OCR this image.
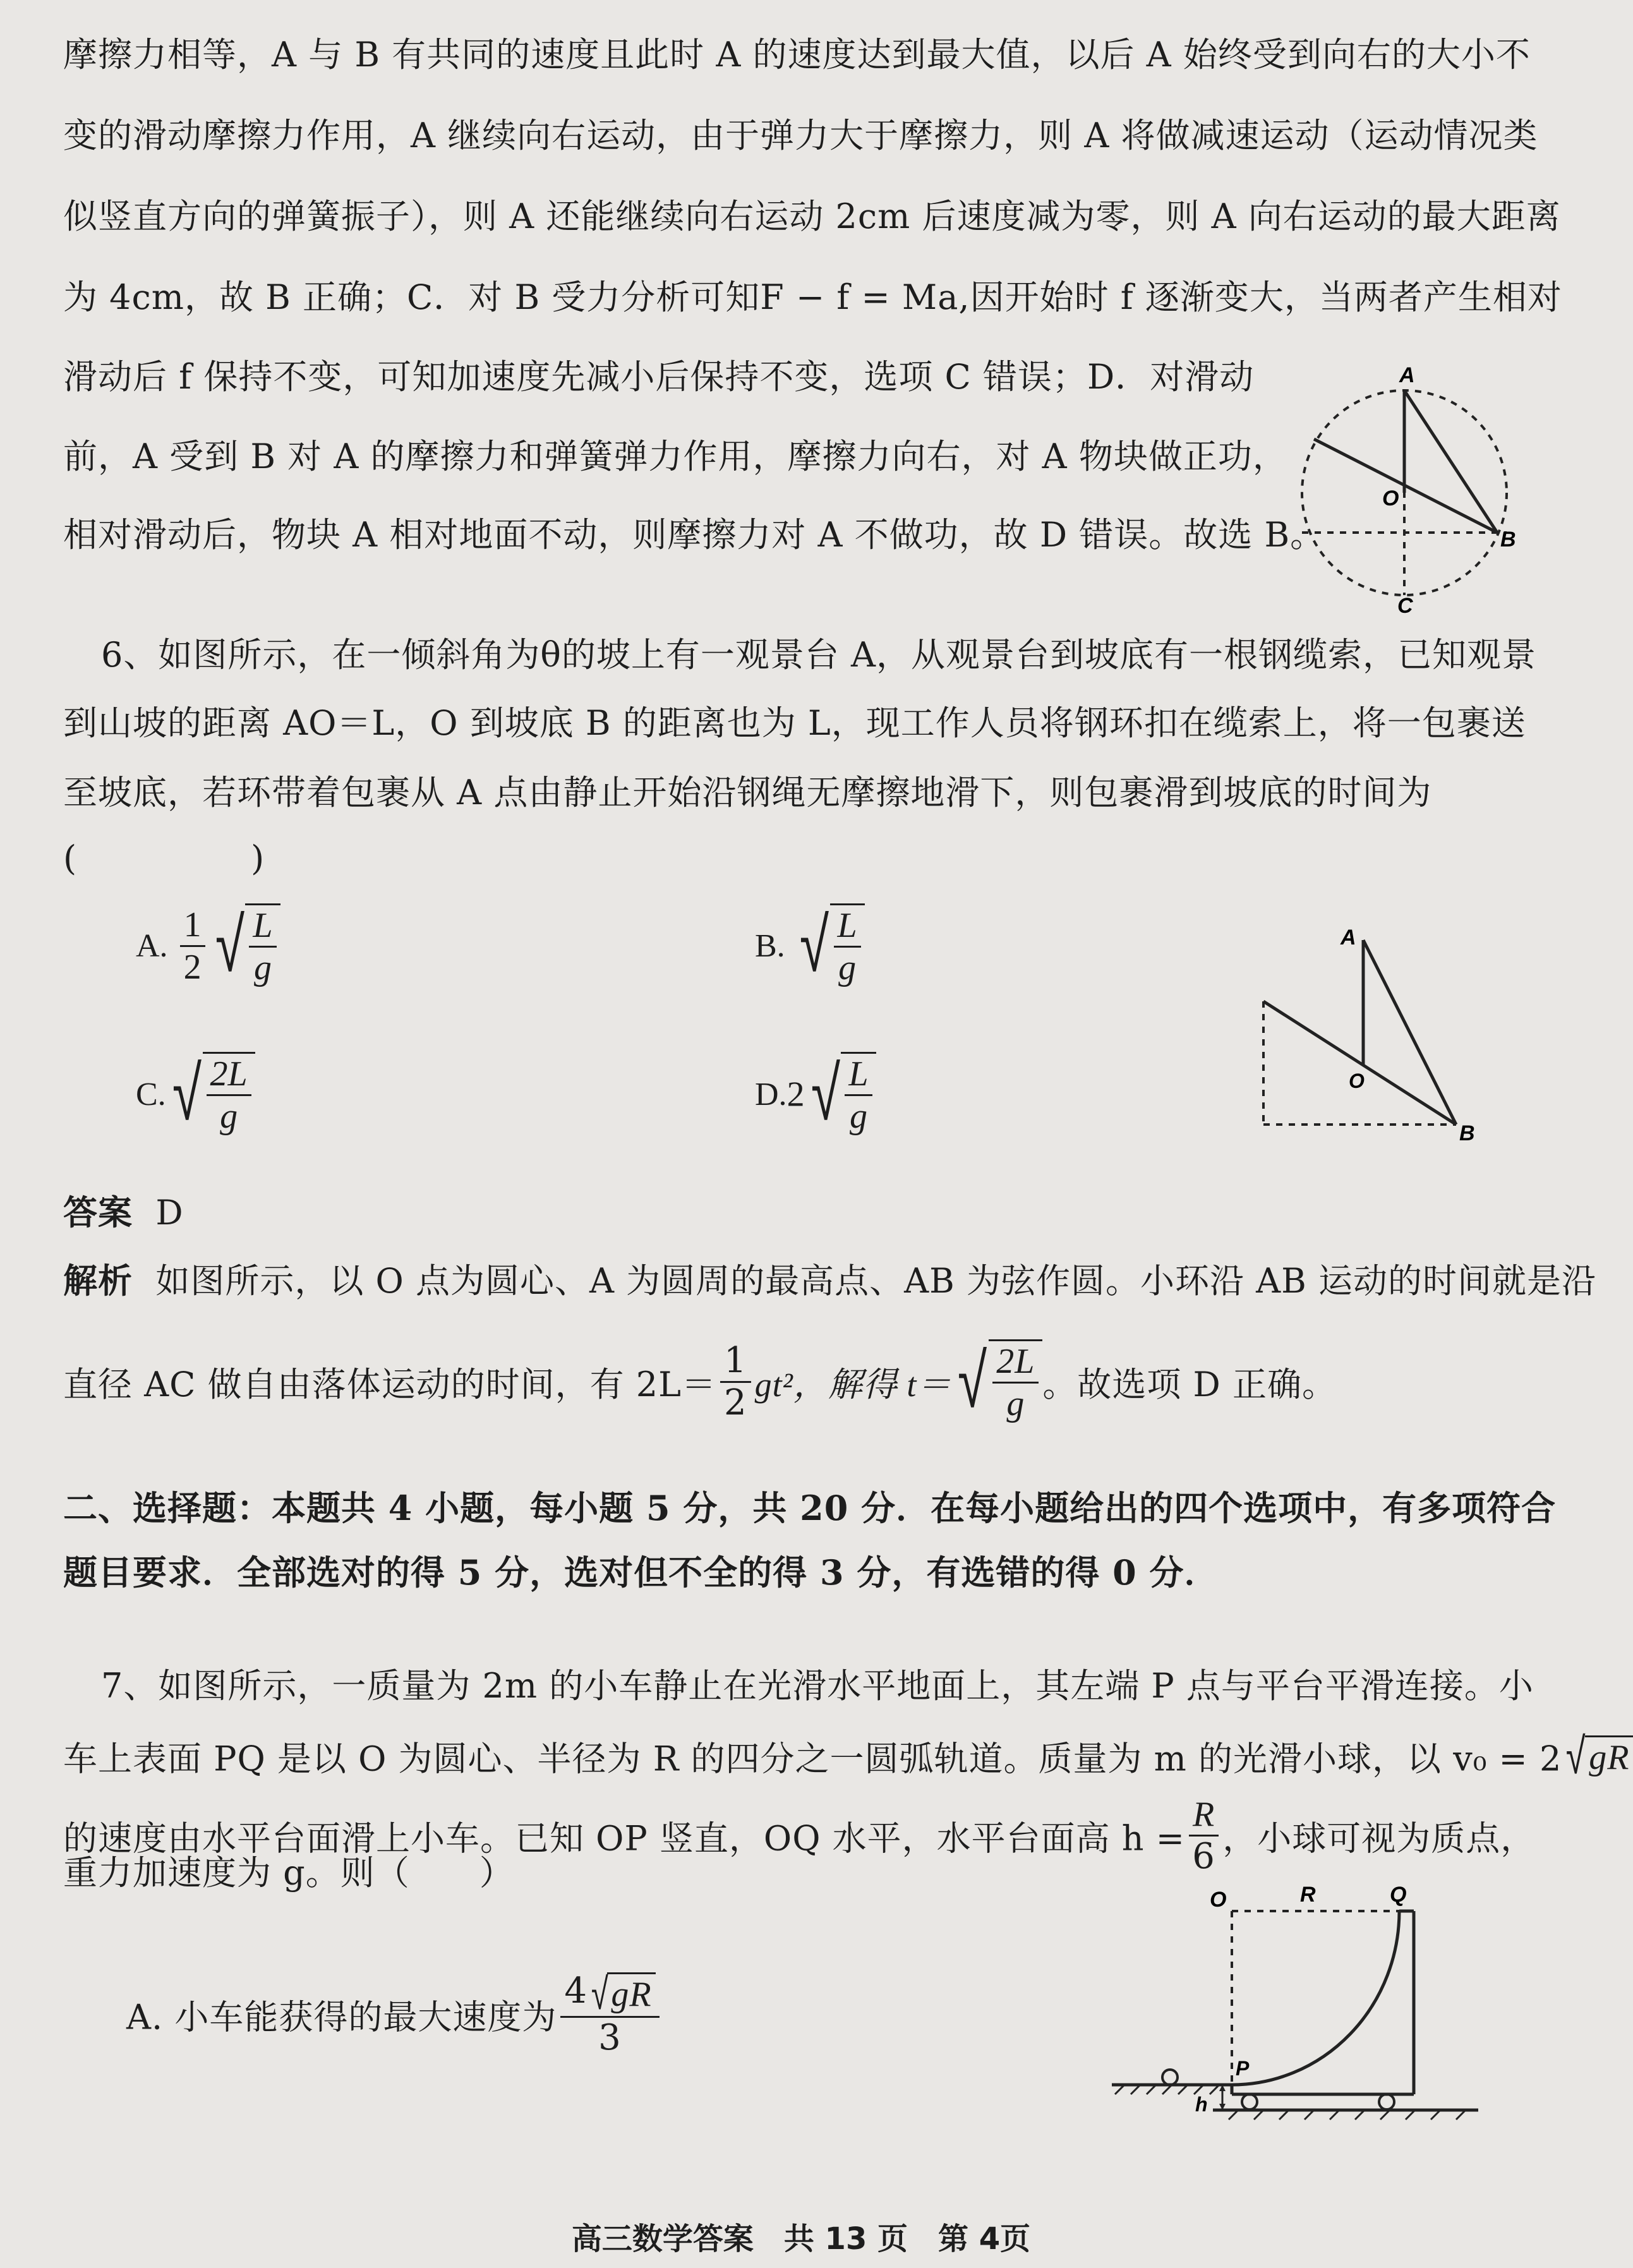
摩擦力相等，A 与 B 有共同的速度且此时 A 的速度达到最大值，以后 A 始终受到向右的大小不
变的滑动摩擦力作用，A 继续向右运动，由于弹力大于摩擦力，则 A 将做减速运动（运动情况类
似竖直方向的弹簧振子），则 A 还能继续向右运动 2cm 后速度减为零，则 A 向右运动的最大距离
为 4cm，故 B 正确；C．对 B 受力分析可知F − f = Ma,因开始时 f 逐渐变大，当两者产生相对
滑动后 f 保持不变，可知加速度先减小后保持不变，选项 C 错误；D．对滑动
前，A 受到 B 对 A 的摩擦力和弹簧弹力作用，摩擦力向右，对 A 物块做正功，
相对滑动后，物块 A 相对地面不动，则摩擦力对 A 不做功，故 D 错误。故选 B。
A
O
B
C
6、如图所示，在一倾斜角为θ的坡上有一观景台 A，从观景台到坡底有一根钢缆索，已知观景
到山坡的距离 AO＝L，O 到坡底 B 的距离也为 L，现工作人员将钢环扣在缆索上，将一包裹送
至坡底，若环带着包裹从 A 点由静止开始沿钢绳无摩擦地滑下，则包裹滑到坡底的时间为
(　　　　　)
A. $\frac{1}{2}$ √ $\frac{L}{g}$	B. √ $\frac{L}{g}$
$C.√ \frac{2L}{g}$	$D.2√ \frac{L}{g}$
A
O
B
答案 D
解析 如图所示，以 O 点为圆心、A 为圆周的最高点、AB 为弦作圆。小环沿 AB 运动的时间就是沿
直径 AC 做自由落体运动的时间，有 $2L= \frac{1}{2} gt^2$，解得 $t=√ \frac{2L}{g}$ 。故选项 D 正确。
二、选择题：本题共 4 小题，每小题 5 分，共 20 分．在每小题给出的四个选项中，有多项符合
题目要求．全部选对的得 5 分，选对但不全的得 3 分，有选错的得 0 分．
7、如图所示，一质量为 2m 的小车静止在光滑水平地面上，其左端 P 点与平台平滑连接。小
车上表面 PQ 是以 O 为圆心、半径为 R 的四分之一圆弧轨道。质量为 m 的光滑小球，以 v₀ = 2√gR
的速度由水平台面滑上小车。已知 OP 竖直，OQ 水平，水平台面高 $h = \frac{R}{6}$ ，小球可视为质点，
重力加速度为 g。则（　　）
A. 小车能获得的最大速度为 $\frac{4√gR}{3}$
O	R	Q
P
h
高三数学答案　共 13 页　第 4页
